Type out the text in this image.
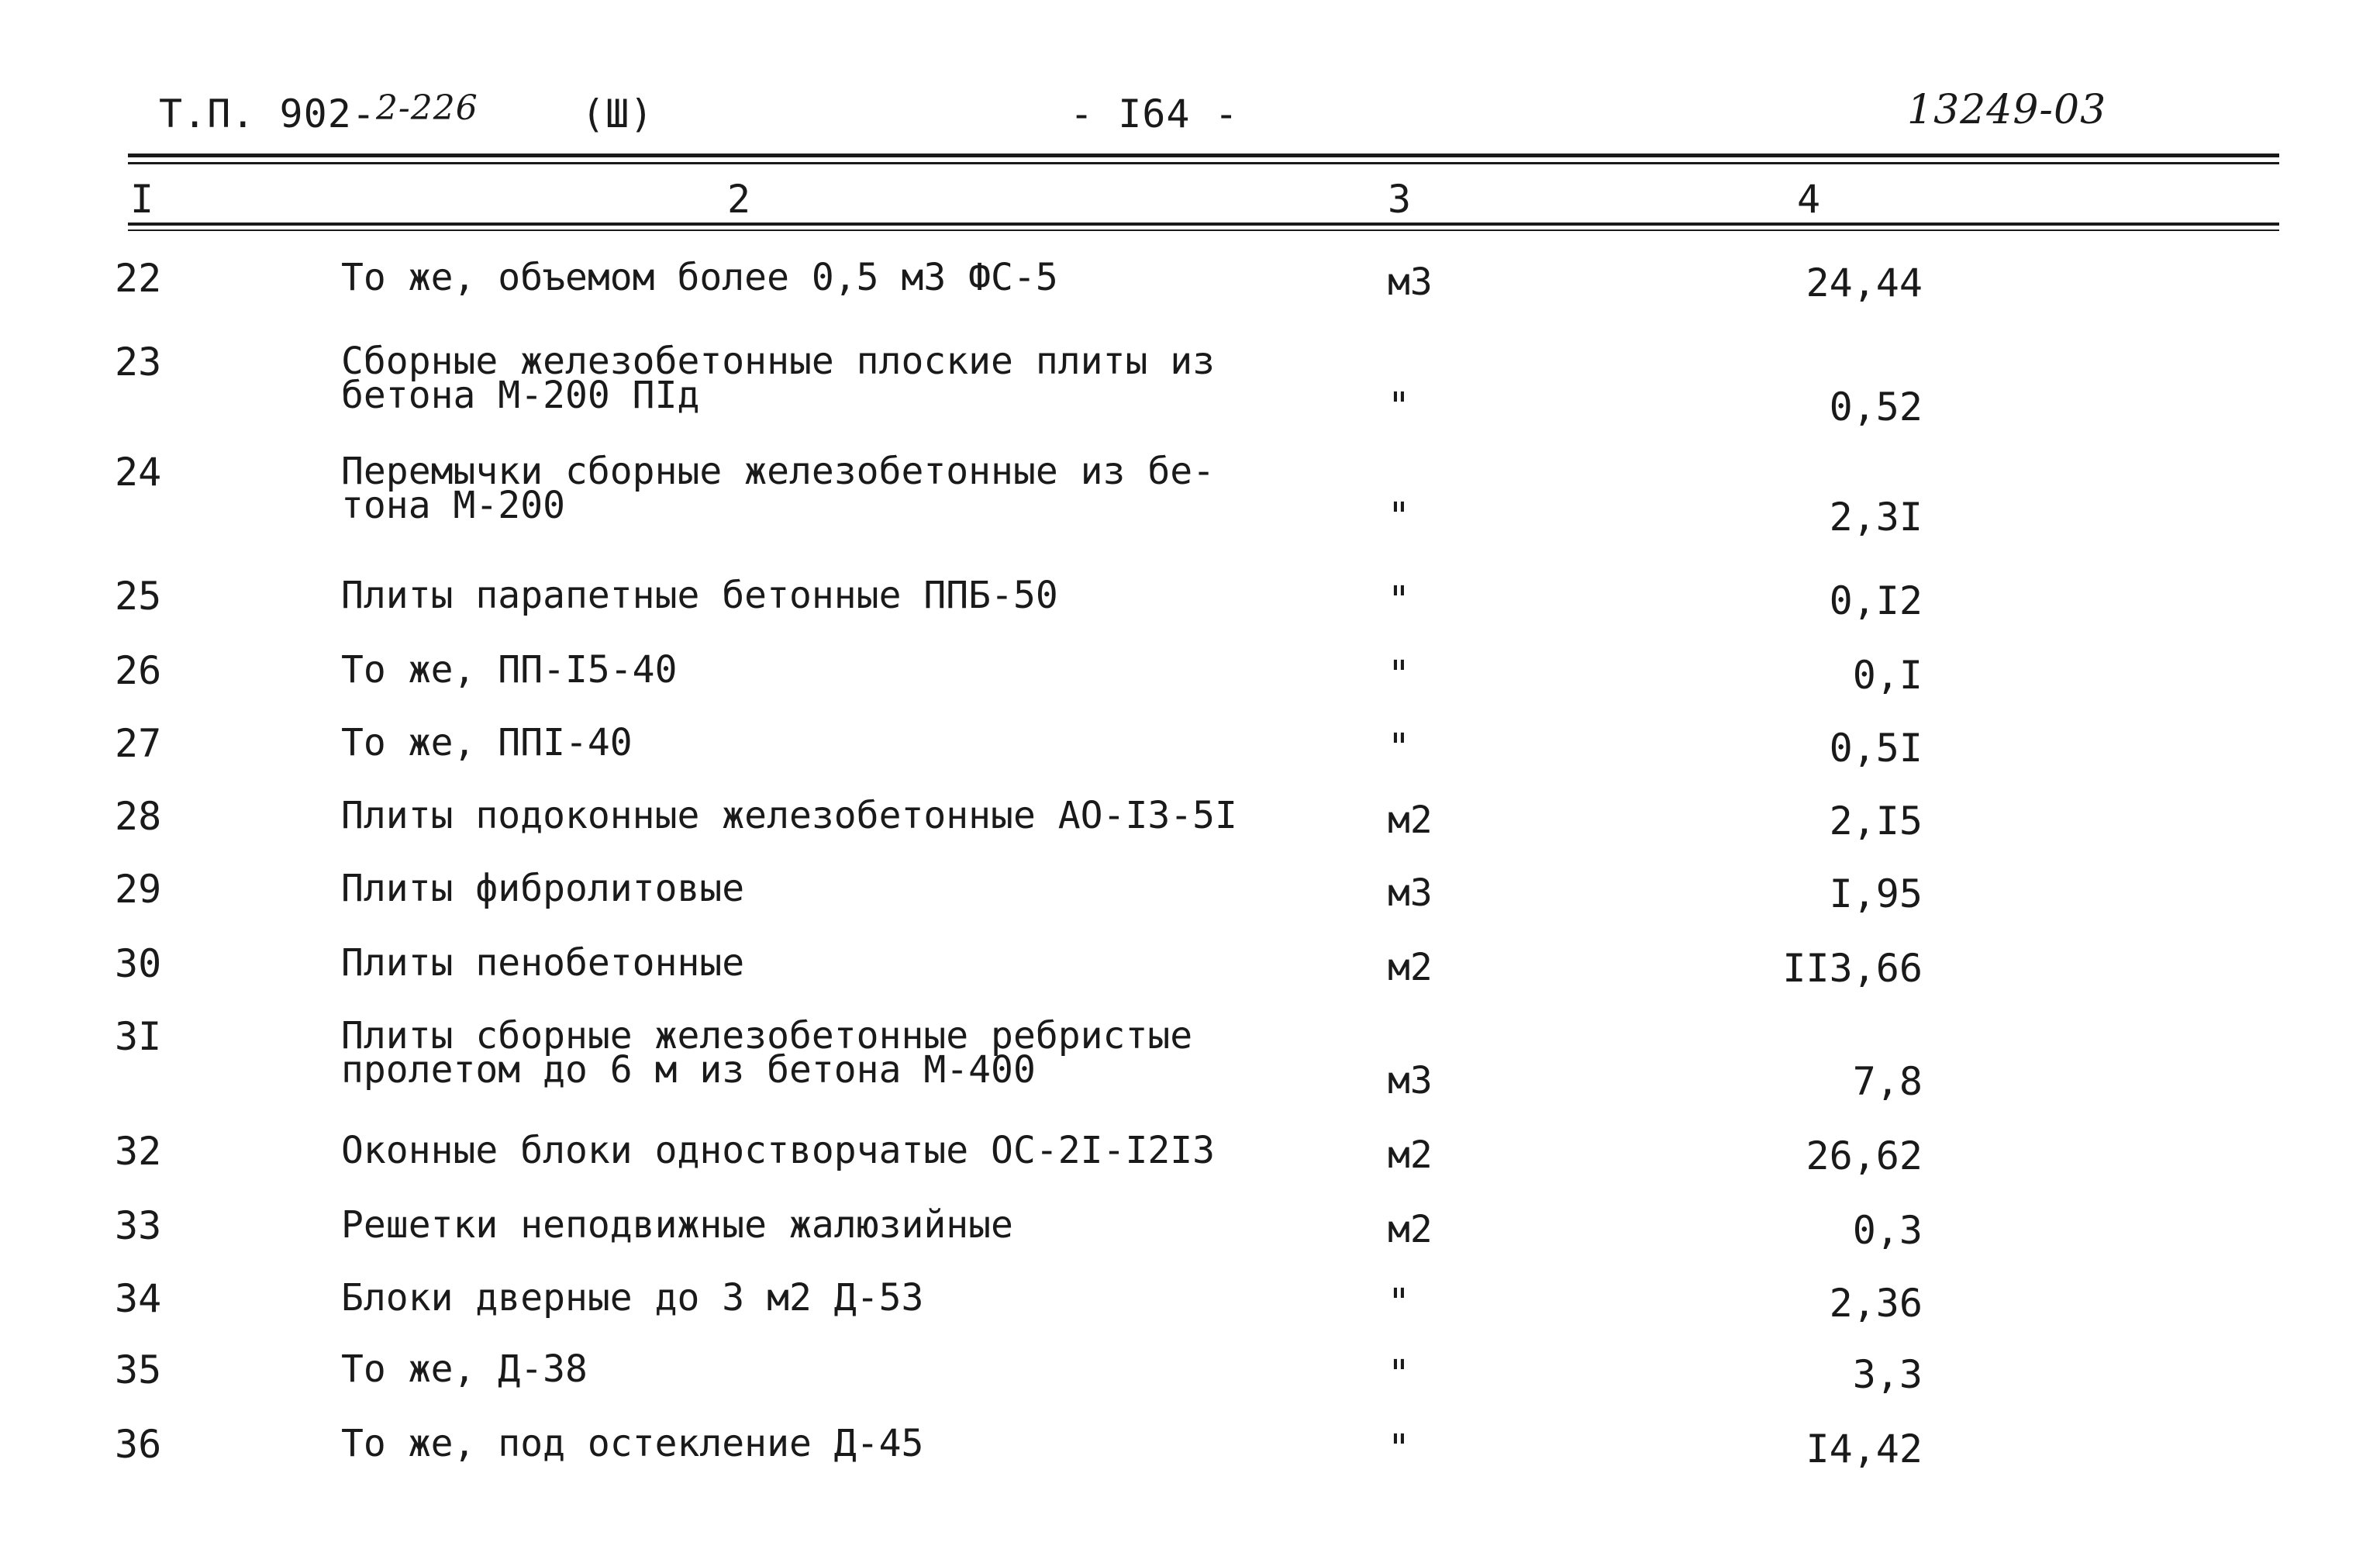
Т.П. 902-2-226	(Ш)	- I64 -	13249-03
I	2	3	4
22	То же, объемом более 0,5 м3 ФС-5	м3	24,44
23	Сборные железобетонные плоские плиты из
бетона М-200 ПIд	"	0,52
24	Перемычки сборные железобетонные из бе-
тона М-200	"	2,3I
25	Плиты парапетные бетонные ППБ-50	"	0,I2
26	То же, ПП-I5-40	"	0,I
27	То же, ППI-40	"	0,5I
28	Плиты подоконные железобетонные АО-I3-5I	м2	2,I5
29	Плиты фибролитовые	м3	I,95
30	Плиты пенобетонные	м2	II3,66
3I	Плиты сборные железобетонные ребристые
пролетом до 6 м из бетона М-400	м3	7,8
32	Оконные блоки одностворчатые ОС-2I-I2I3	м2	26,62
33	Решетки неподвижные жалюзийные	м2	0,3
34	Блоки дверные до 3 м2 Д-53	"	2,36
35	То же, Д-38	"	3,3
36	То же, под остекление Д-45	"	I4,42
